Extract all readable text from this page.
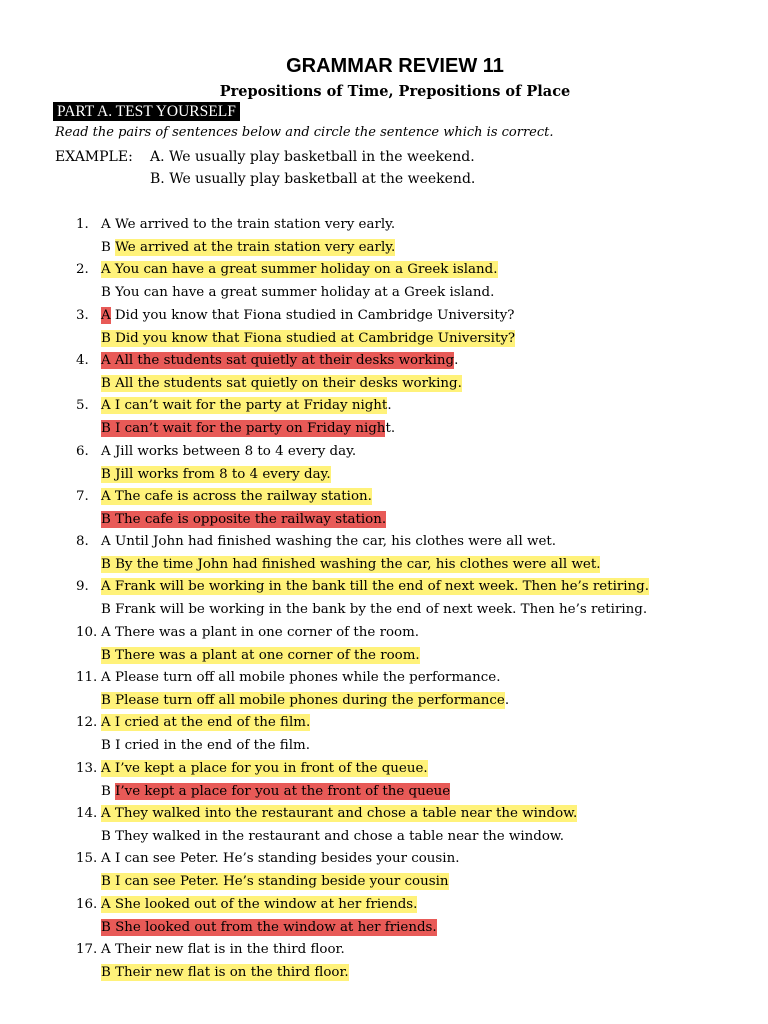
GRAMMAR REVIEW 11
Prepositions of Time, Prepositions of Place
PART A. TEST YOURSELF
Read the pairs of sentences below and circle the sentence which is correct.
EXAMPLE: A. We usually play basketball in the weekend.
B. We usually play basketball at the weekend.
1. A We arrived to the train station very early.
B We arrived at the train station very early.
2. A You can have a great summer holiday on a Greek island.
B You can have a great summer holiday at a Greek island.
3. A Did you know that Fiona studied in Cambridge University?
B Did you know that Fiona studied at Cambridge University?
4. A All the students sat quietly at their desks working.
B All the students sat quietly on their desks working.
5. A I can’t wait for the party at Friday night.
B I can’t wait for the party on Friday night.
6. A Jill works between 8 to 4 every day.
B Jill works from 8 to 4 every day.
7. A The cafe is across the railway station.
B The cafe is opposite the railway station.
8. A Until John had finished washing the car, his clothes were all wet.
B By the time John had finished washing the car, his clothes were all wet.
9. A Frank will be working in the bank till the end of next week. Then he’s retiring.
B Frank will be working in the bank by the end of next week. Then he’s retiring.
10. A There was a plant in one corner of the room.
B There was a plant at one corner of the room.
11. A Please turn off all mobile phones while the performance.
B Please turn off all mobile phones during the performance.
12. A I cried at the end of the film.
B I cried in the end of the film.
13. A I’ve kept a place for you in front of the queue.
B I’ve kept a place for you at the front of the queue
14. A They walked into the restaurant and chose a table near the window.
B They walked in the restaurant and chose a table near the window.
15. A I can see Peter. He’s standing besides your cousin.
B I can see Peter. He’s standing beside your cousin
16. A She looked out of the window at her friends.
B She looked out from the window at her friends.
17. A Their new flat is in the third floor.
B Their new flat is on the third floor.
